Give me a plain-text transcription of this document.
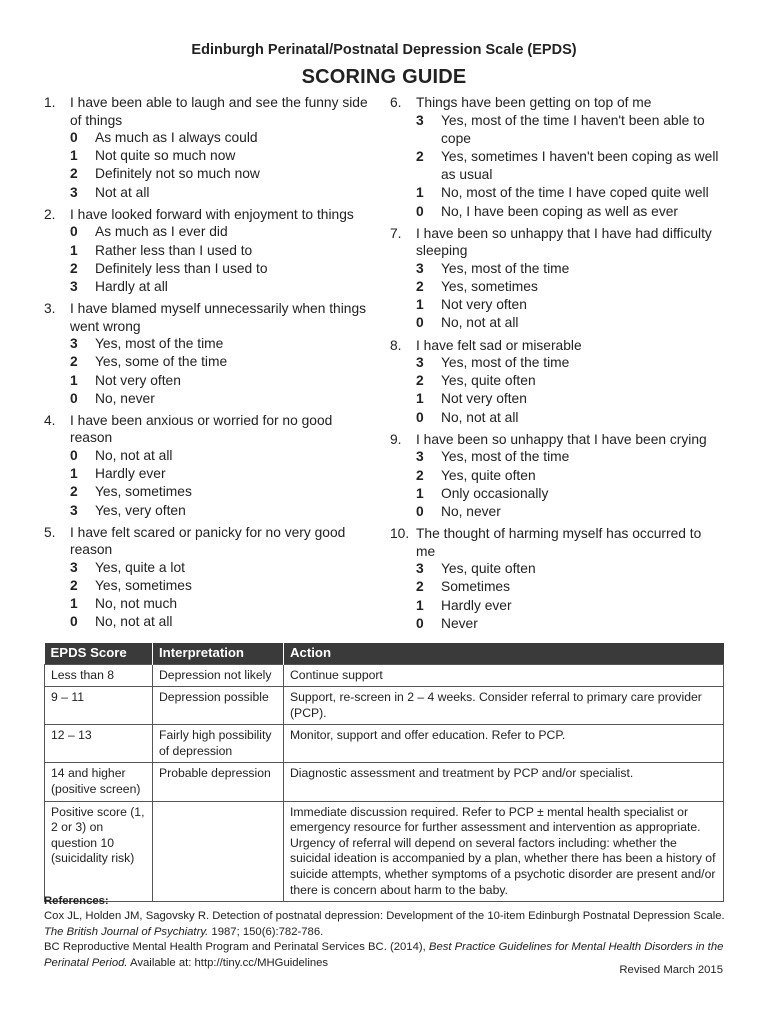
Edinburgh Perinatal/Postnatal Depression Scale (EPDS)
SCORING GUIDE
1.	I have been able to laugh and see the funny side of things
0	As much as I always could
1	Not quite so much now
2	Definitely not so much now
3	Not at all
2.	I have looked forward with enjoyment to things
0	As much as I ever did
1	Rather less than I used to
2	Definitely less than I used to
3	Hardly at all
3.	I have blamed myself unnecessarily when things went wrong
3	Yes, most of the time
2	Yes, some of the time
1	Not very often
0	No, never
4.	I have been anxious or worried for no good reason
0	No, not at all
1	Hardly ever
2	Yes, sometimes
3	Yes, very often
5.	I have felt scared or panicky for no very good reason
3	Yes, quite a lot
2	Yes, sometimes
1	No, not much
0	No, not at all
6.	Things have been getting on top of me
3	Yes, most of the time I haven't been able to cope
2	Yes, sometimes I haven't been coping as well as usual
1	No, most of the time I have coped quite well
0	No, I have been coping as well as ever
7.	I have been so unhappy that I have had difficulty sleeping
3	Yes, most of the time
2	Yes, sometimes
1	Not very often
0	No, not at all
8.	I have felt sad or miserable
3	Yes, most of the time
2	Yes, quite often
1	Not very often
0	No, not at all
9.	I have been so unhappy that I have been crying
3	Yes, most of the time
2	Yes, quite often
1	Only occasionally
0	No, never
10. The thought of harming myself has occurred to me
3	Yes, quite often
2	Sometimes
1	Hardly ever
0	Never
EPDS Score	Interpretation	Action
Less than 8	Depression not likely	Continue support
9 – 11	Depression possible	Support, re-screen in 2 – 4 weeks. Consider referral to primary care provider (PCP).
12 – 13	Fairly high possibility of depression	Monitor, support and offer education. Refer to PCP.
14 and higher (positive screen)	Probable depression	Diagnostic assessment and treatment by PCP and/or specialist.
Positive score (1, 2 or 3) on question 10 (suicidality risk)		Immediate discussion required. Refer to PCP ± mental health specialist or emergency resource for further assessment and intervention as appropriate. Urgency of referral will depend on several factors including: whether the suicidal ideation is accompanied by a plan, whether there has been a history of suicide attempts, whether symptoms of a psychotic disorder are present and/or there is concern about harm to the baby.
References:
Cox JL, Holden JM, Sagovsky R. Detection of postnatal depression: Development of the 10-item Edinburgh Postnatal Depression Scale.
The British Journal of Psychiatry. 1987; 150(6):782-786.
BC Reproductive Mental Health Program and Perinatal Services BC. (2014), Best Practice Guidelines for Mental Health Disorders in the Perinatal Period. Available at: http://tiny.cc/MHGuidelines
Revised March 2015
